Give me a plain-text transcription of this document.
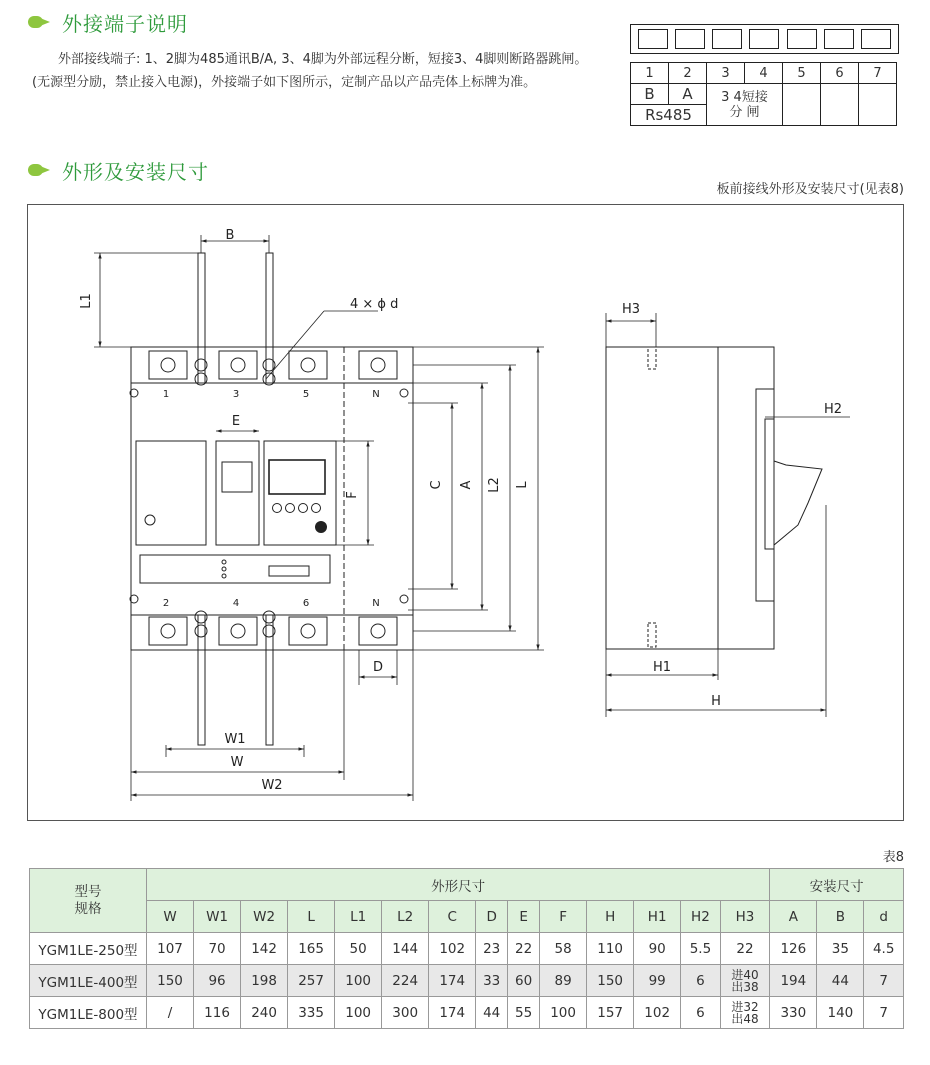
外接端子说明
外部接线端子: 1、2脚为485通讯B/A, 3、4脚为外部远程分断，短接3、4脚则断路器跳闸。(无源型分励，禁止接入电源)，外接端子如下图所示，定制产品以产品壳体上标牌为准。
1	2	3	4	5	6	7
B	A	3 4短接
分 闸				

Rs485						
外形及安装尺寸
板前接线外形及安装尺寸(见表8)
B
L1
E
F
C A L2 L
D
W1
W
W2
4 × ϕ d	H3
H2
H1
H
1	3	5	N
2	4	6	N
表8
型号
规格	外形尺寸														安装尺寸		
	W	W1	W2	L	L1	L2	C	D	E	F	H	H1	H2	H3	A	B	d
YGM1LE-250型	107	70	142	165	50	144	102	23	22	58	110	90	5.5	22	126	35	4.5
YGM1LE-400型	150	96	198	257	100	224	174	33	60	89	150	99	6	进40
出38	194	44	7
YGM1LE-800型	/	116	240	335	100	300	174	44	55	100	157	102	6	进32
出48	330	140	7
